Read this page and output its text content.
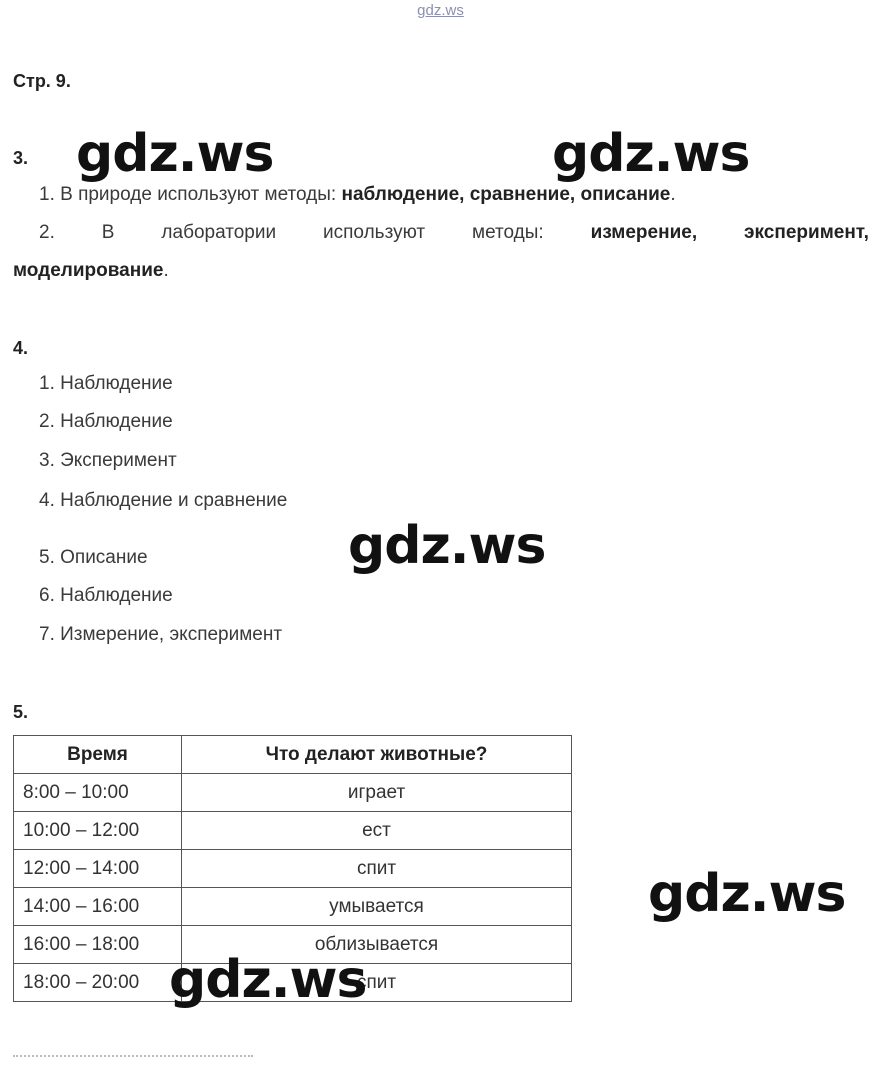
gdz.ws
Стр. 9.
3.
1. В природе используют методы: наблюдение, сравнение, описание.
2. В лаборатории используют методы: измерение, эксперимент,
моделирование.
4.
1. Наблюдение
2. Наблюдение
3. Эксперимент
4. Наблюдение и сравнение
5. Описание
6. Наблюдение
7. Измерение, эксперимент
5.
Время	Что делают животные?
8:00 – 10:00	играет
10:00 – 12:00	ест
12:00 – 14:00	спит
14:00 – 16:00	умывается
16:00 – 18:00	облизывается
18:00 – 20:00	спит
gdz.ws	gdz.ws
gdz.ws
gdz.ws
gdz.ws
